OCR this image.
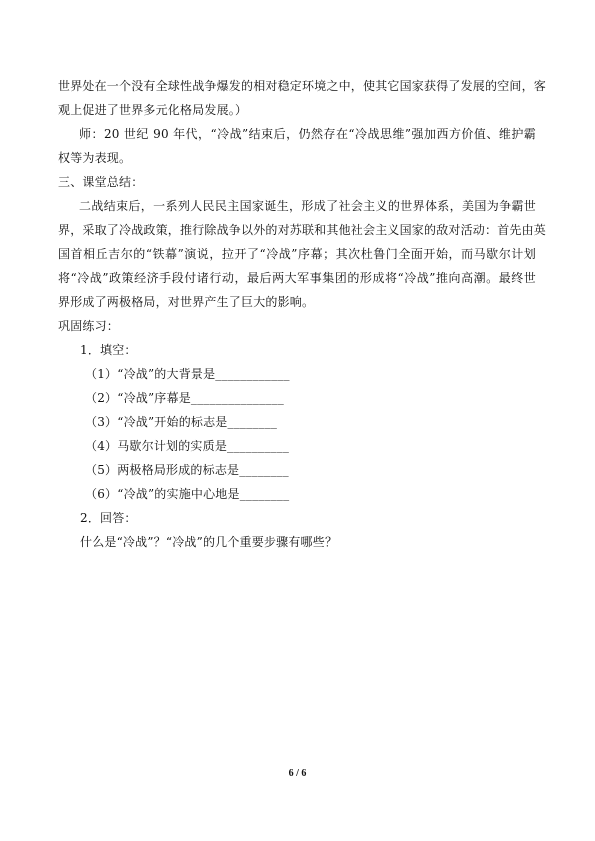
世界处在一个没有全球性战争爆发的相对稳定环境之中，使其它国家获得了发展的空间，客
观上促进了世界多元化格局发展。）
师：20 世纪 90 年代，“冷战”结束后，仍然存在“冷战思维”强加西方价值、维护霸
权等为表现。
三、课堂总结：
二战结束后，一系列人民民主国家诞生，形成了社会主义的世界体系，美国为争霸世
界，采取了冷战政策，推行除战争以外的对苏联和其他社会主义国家的敌对活动：首先由英
国首相丘吉尔的“铁幕”演说，拉开了“冷战”序幕；其次杜鲁门全面开始，而马歇尔计划
将“冷战”政策经济手段付诸行动，最后两大军事集团的形成将“冷战”推向高潮。最终世
界形成了两极格局，对世界产生了巨大的影响。
巩固练习：
1．填空：
（1）“冷战”的大背景是____________
（2）“冷战”序幕是_______________
（3）“冷战”开始的标志是________
（4）马歇尔计划的实质是__________
（5）两极格局形成的标志是________
（6）“冷战”的实施中心地是________
2．回答：
什么是“冷战”？“冷战”的几个重要步骤有哪些？
6 / 6
